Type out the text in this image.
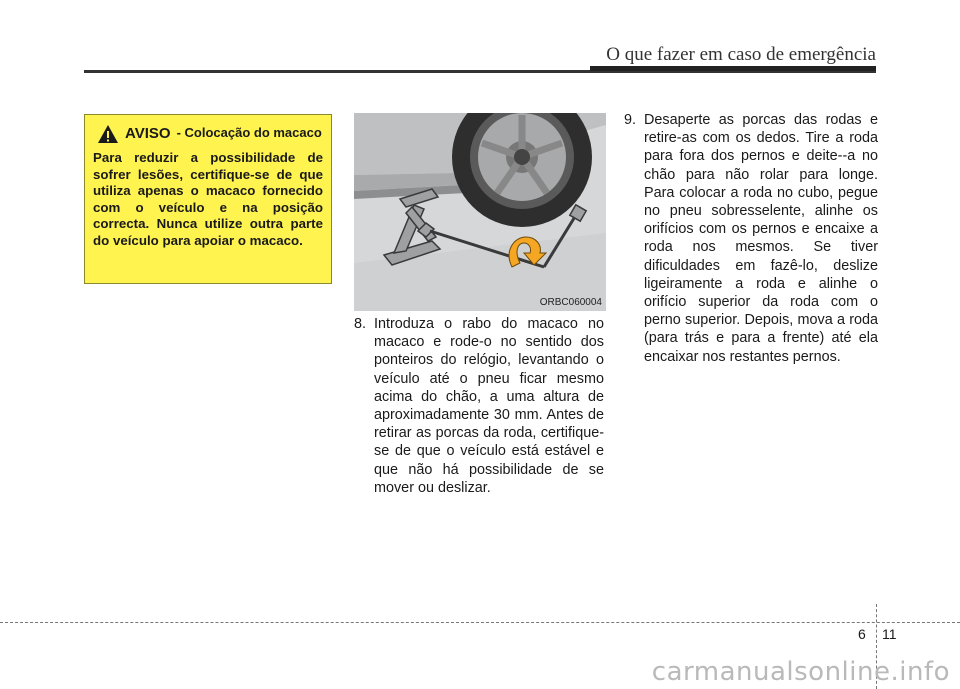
O que fazer em caso de emergência
AVISO - Colocação do macaco
Para reduzir a possibilidade de sofrer lesões, certifique-se de que utiliza apenas o macaco fornecido com o veículo e na posição correcta. Nunca utilize outra parte do veículo para apoiar o macaco.
ORBC060004
8. Introduza o rabo do macaco no macaco e rode-o no sentido dos ponteiros do relógio, levantando o veículo até o pneu ficar mesmo acima do chão, a uma altura de aproximadamente 30 mm. Antes de retirar as porcas da roda, certifique-se de que o veículo está estável e que não há possibilidade de se mover ou deslizar.
9. Desaperte as porcas das rodas e retire-as com os dedos. Tire a roda para fora dos pernos e deite--a no chão para não rolar para longe. Para colocar a roda no cubo, pegue no pneu sobresselente, alinhe os orifícios com os pernos e encaixe a roda nos mesmos. Se tiver dificuldades em fazê-lo, deslize ligeiramente a roda e alinhe o orifício superior da roda com o perno superior. Depois, mova a roda (para trás e para a frente) até ela encaixar nos restantes pernos.
6 11
carmanualsonline.info
